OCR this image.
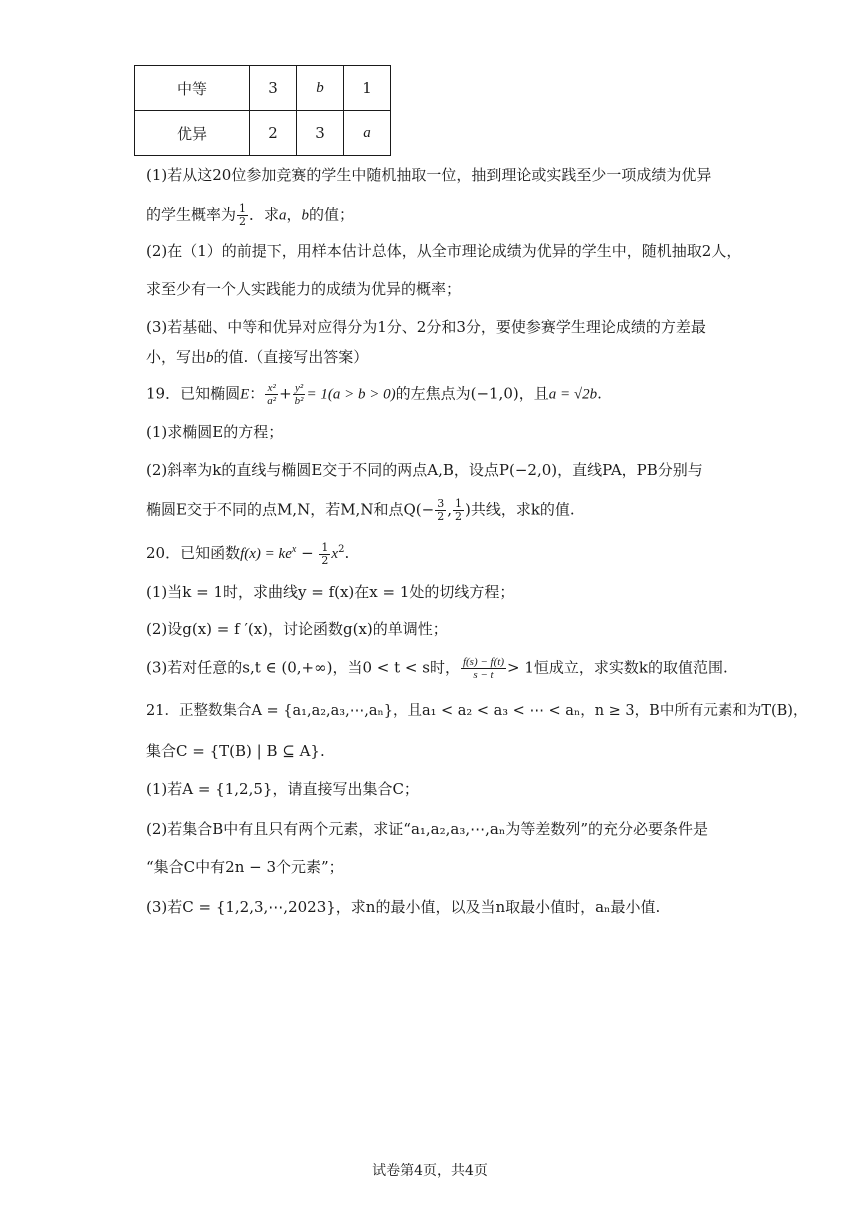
中等	3	b	1
优异	2	3	a
(1)若从这20位参加竞赛的学生中随机抽取一位，抽到理论或实践至少一项成绩为优异
的学生概率为 $\frac{1}{2}$ ．求a，b的值；
(2)在（1）的前提下，用样本估计总体，从全市理论成绩为优异的学生中，随机抽取2人，
求至少有一个人实践能力的成绩为优异的概率；
(3)若基础、中等和优异对应得分为1分、2分和3分，要使参赛学生理论成绩的方差最
小，写出b的值.（直接写出答案）
19．已知椭圆E： $\frac{\text{x²}}{\text{a²}} + \frac{\text{y²}}{\text{b²}} = 1(a > b > 0)$的左焦点为(−1,0)，且a = √2b.
(1)求椭圆E的方程；
(2)斜率为k的直线与椭圆E交于不同的两点A,B，设点P(−2,0)，直线PA，PB分别与
椭圆E交于不同的点M,N，若M,N和点$Q(- \frac{3}{2}$ , $\frac{1}{2}$ )共线，求k的值.
20．已知函数$f(x) = ke^x - \frac{1}{2} x^2$.
(1)当k = 1时，求曲线y = f(x)在x = 1处的切线方程；
(2)设g(x) = f ′(x)，讨论函数g(x)的单调性；
(3)若对任意的s,t ∈ (0,+∞)，当0 < t < s时， $\frac{f(s) - f(t)}{s - t} > 1$恒成立，求实数k的取值范围.
21．正整数集合A = {a₁,a₂,a₃,⋯,aₙ}，且a₁ < a₂ < a₃ < ⋯ < aₙ，n ≥ 3，B中所有元素和为T(B)，
集合C = {T(B) | B ⊆ A}.
(1)若A = {1,2,5}，请直接写出集合C；
(2)若集合B中有且只有两个元素，求证“a₁,a₂,a₃,⋯,aₙ为等差数列”的充分必要条件是
“集合C中有2n − 3个元素”；
(3)若C = {1,2,3,⋯,2023}，求n的最小值，以及当n取最小值时，aₙ最小值.
试卷第4页，共4页
